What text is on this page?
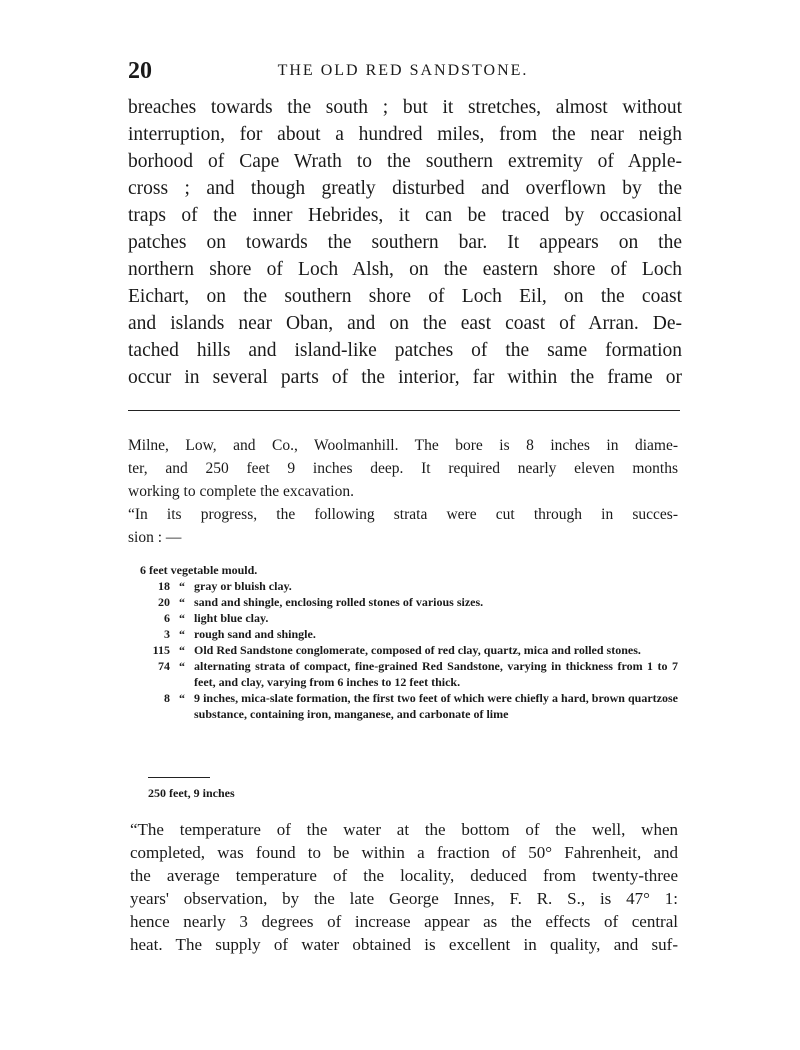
20	THE OLD RED SANDSTONE.
breaches towards the south ; but it stretches, almost without
interruption, for about a hundred miles, from the near neigh
borhood of Cape Wrath to the southern extremity of Apple-
cross ; and though greatly disturbed and overflown by the
traps of the inner Hebrides, it can be traced by occasional
patches on towards the southern bar. It appears on the
northern shore of Loch Alsh, on the eastern shore of Loch
Eichart, on the southern shore of Loch Eil, on the coast
and islands near Oban, and on the east coast of Arran. De-
tached hills and island-like patches of the same formation
occur in several parts of the interior, far within the frame or
Milne, Low, and Co., Woolmanhill. The bore is 8 inches in diame-
ter, and 250 feet 9 inches deep. It required nearly eleven months
working to complete the excavation.
“In its progress, the following strata were cut through in succes-
sion : —
6 feet vegetable mould.
18 “ gray or bluish clay.
20 “ sand and shingle, enclosing rolled stones of various sizes.
6 “ light blue clay.
3 “ rough sand and shingle.
115 “ Old Red Sandstone conglomerate, composed of red clay, quartz, mica and rolled stones.
74 “ alternating strata of compact, fine-grained Red Sandstone, varying in thickness from 1 to 7 feet, and clay, varying from 6 inches to 12 feet thick.
8 “ 9 inches, mica-slate formation, the first two feet of which were chiefly a hard, brown quartzose substance, containing iron, manganese, and carbonate of lime
250 feet, 9 inches
“The temperature of the water at the bottom of the well, when
completed, was found to be within a fraction of 50° Fahrenheit, and
the average temperature of the locality, deduced from twenty-three
years' observation, by the late George Innes, F. R. S., is 47° 1:
hence nearly 3 degrees of increase appear as the effects of central
heat. The supply of water obtained is excellent in quality, and suf-
